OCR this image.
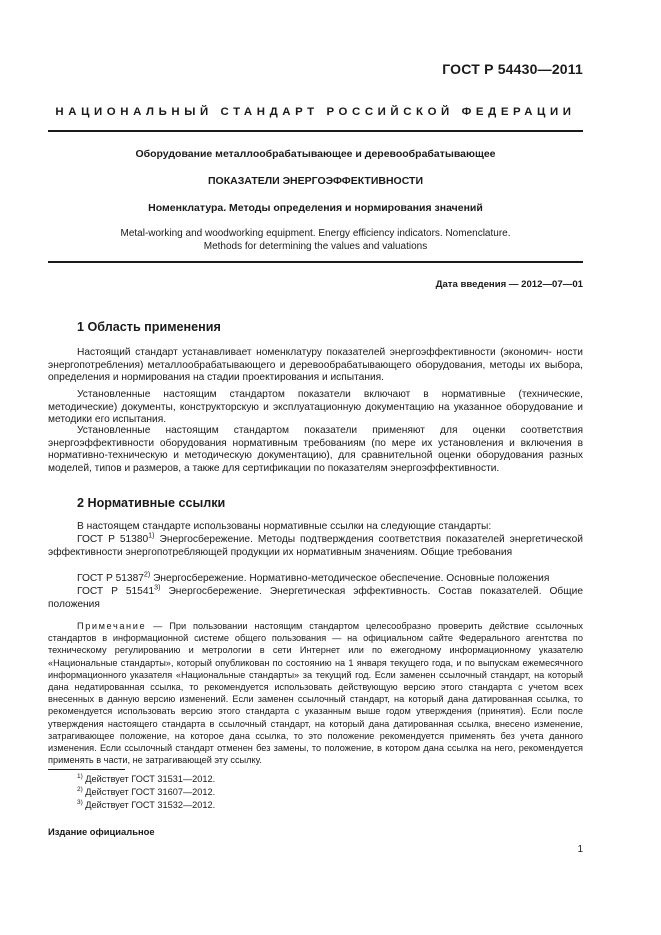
ГОСТ Р 54430—2011
НАЦИОНАЛЬНЫЙ СТАНДАРТ РОССИЙСКОЙ ФЕДЕРАЦИИ
Оборудование металлообрабатывающее и деревообрабатывающее
ПОКАЗАТЕЛИ ЭНЕРГОЭФФЕКТИВНОСТИ
Номенклатура. Методы определения и нормирования значений
Metal-working and woodworking equipment. Energy efficiency indicators. Nomenclature.
Methods for determining the values and valuations
Дата введения — 2012—07—01
1 Область применения
Настоящий стандарт устанавливает номенклатуру показателей энергоэффективности (экономич- ности энергопотребления) металлообрабатывающего и деревообрабатывающего оборудования, методы их выбора, определения и нормирования на стадии проектирования и испытания.
Установленные настоящим стандартом показатели включают в нормативные (технические, методические) документы, конструкторскую и эксплуатационную документацию на указанное оборудование и методики его испытания.
Установленные настоящим стандартом показатели применяют для оценки соответствия энергоэффективности оборудования нормативным требованиям (по мере их установления и включения в нормативно-техническую и методическую документацию), для сравнительной оценки оборудования разных моделей, типов и размеров, а также для сертификации по показателям энергоэффективности.
2 Нормативные ссылки
В настоящем стандарте использованы нормативные ссылки на следующие стандарты:
ГОСТ Р 51380$^{1)}$ Энергосбережение. Методы подтверждения соответствия показателей энергетической эффективности энергопотребляющей продукции их нормативным значениям. Общие требования
ГОСТ Р 51387$^{2)}$ Энергосбережение. Нормативно-методическое обеспечение. Основные положения
ГОСТ Р 51541$^{3)}$ Энергосбережение. Энергетическая эффективность. Состав показателей. Общие положения
Примечание — При пользовании настоящим стандартом целесообразно проверить действие ссылочных стандартов в информационной системе общего пользования — на официальном сайте Федерального агентства по техническому регулированию и метрологии в сети Интернет или по ежегодному информационному указателю «Национальные стандарты», который опубликован по состоянию на 1 января текущего года, и по выпускам ежемесячного информационного указателя «Национальные стандарты» за текущий год. Если заменен ссылочный стандарт, на который дана недатированная ссылка, то рекомендуется использовать действующую версию этого стандарта с учетом всех внесенных в данную версию изменений. Если заменен ссылочный стандарт, на который дана датированная ссылка, то рекомендуется использовать версию этого стандарта с указанным выше годом утверждения (принятия). Если после утверждения настоящего стандарта в ссылочный стандарт, на который дана датированная ссылка, внесено изменение, затрагивающее положение, на которое дана ссылка, то это положение рекомендуется применять без учета данного изменения. Если ссылочный стандарт отменен без замены, то положение, в котором дана ссылка на него, рекомендуется применять в части, не затрагивающей эту ссылку.
$^{1)}$ Действует ГОСТ 31531—2012.
$^{2)}$ Действует ГОСТ 31607—2012.
$^{3)}$ Действует ГОСТ 31532—2012.
Издание официальное
1
